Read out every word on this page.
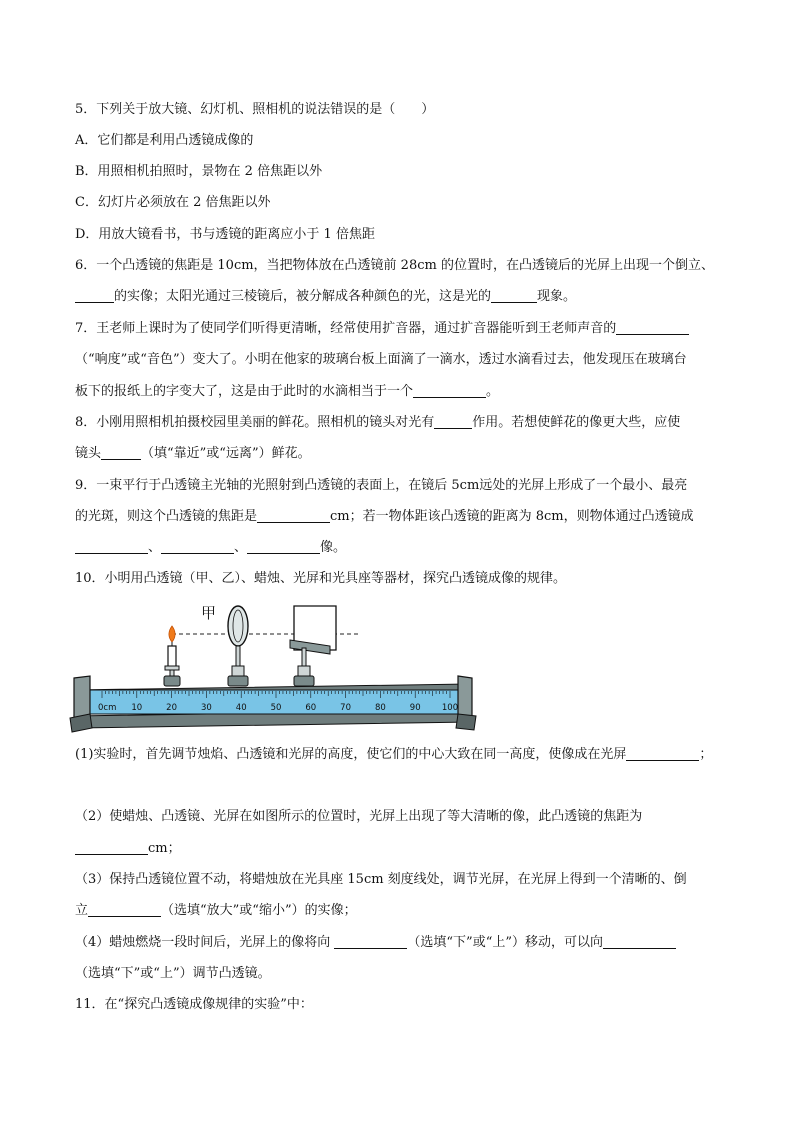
5．下列关于放大镜、幻灯机、照相机的说法错误的是（　　）
A．它们都是利用凸透镜成像的
B．用照相机拍照时，景物在 2 倍焦距以外
C．幻灯片必须放在 2 倍焦距以外
D．用放大镜看书，书与透镜的距离应小于 1 倍焦距
6．一个凸透镜的焦距是 10cm，当把物体放在凸透镜前 28cm 的位置时，在凸透镜后的光屏上出现一个倒立、
的实像；太阳光通过三棱镜后，被分解成各种颜色的光，这是光的	现象。
7．王老师上课时为了使同学们听得更清晰，经常使用扩音器，通过扩音器能听到王老师声音的
（“响度”或“音色”）变大了。小明在他家的玻璃台板上面滴了一滴水，透过水滴看过去，他发现压在玻璃台
板下的报纸上的字变大了，这是由于此时的水滴相当于一个	。
8．小刚用照相机拍摄校园里美丽的鲜花。照相机的镜头对光有	作用。若想使鲜花的像更大些，应使
镜头	（填“靠近”或“远离”）鲜花。
9．一束平行于凸透镜主光轴的光照射到凸透镜的表面上，在镜后 5cm远处的光屏上形成了一个最小、最亮
的光斑，则这个凸透镜的焦距是	cm；若一物体距该凸透镜的距离为 8cm，则物体通过凸透镜成
、	、	像。
10．小明用凸透镜（甲、乙）、蜡烛、光屏和光具座等器材，探究凸透镜成像的规律。
甲
0cm 10	20	30	40	50	60	70	80	90	100
(1)实验时，首先调节烛焰、凸透镜和光屏的高度，使它们的中心大致在同一高度，使像成在光屏	；
（2）使蜡烛、凸透镜、光屏在如图所示的位置时，光屏上出现了等大清晰的像，此凸透镜的焦距为
cm；
（3）保持凸透镜位置不动，将蜡烛放在光具座 15cm 刻度线处，调节光屏，在光屏上得到一个清晰的、倒
立	（选填“放大”或“缩小”）的实像；
（4）蜡烛燃烧一段时间后，光屏上的像将向	（选填“下”或“上”）移动，可以向
（选填“下”或“上”）调节凸透镜。
11．在“探究凸透镜成像规律的实验”中：
